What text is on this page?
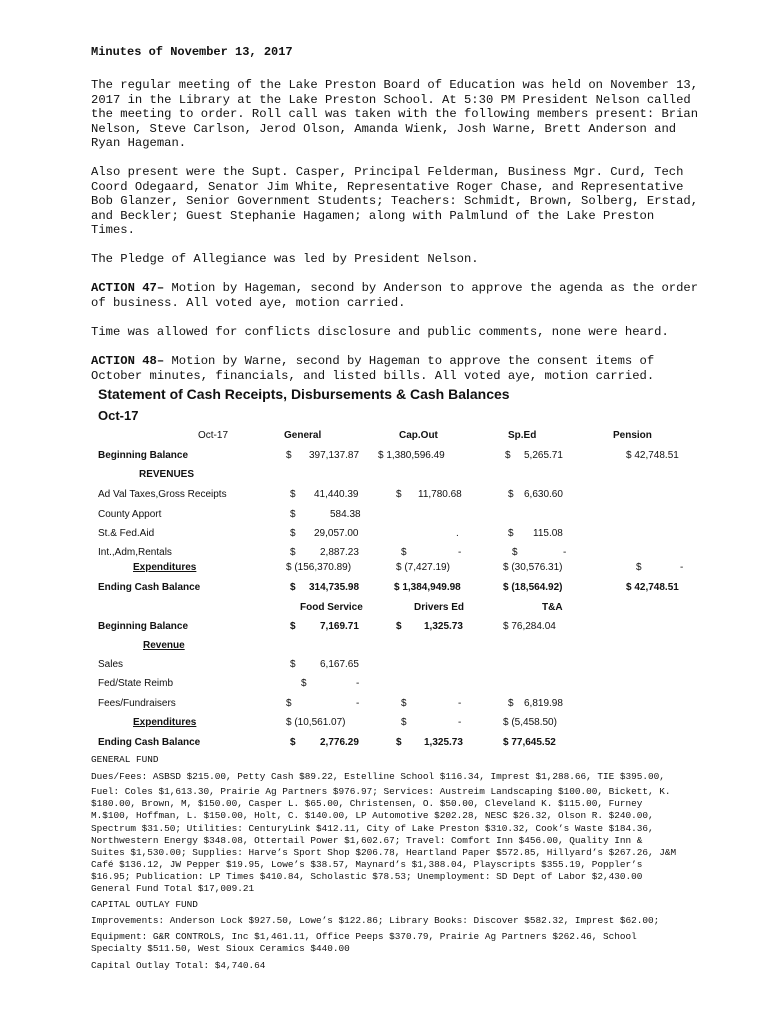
Minutes of November 13, 2017

The regular meeting of the Lake Preston Board of Education was held on November 13,
2017 in the Library at the Lake Preston School. At 5:30 PM President Nelson called
the meeting to order. Roll call was taken with the following members present: Brian
Nelson, Steve Carlson, Jerod Olson, Amanda Wienk, Josh Warne, Brett Anderson and
Ryan Hageman.

Also present were the Supt. Casper, Principal Felderman, Business Mgr. Curd, Tech
Coord Odegaard, Senator Jim White, Representative Roger Chase, and Representative
Bob Glanzer, Senior Government Students; Teachers: Schmidt, Brown, Solberg, Erstad,
and Beckler; Guest Stephanie Hagamen; along with Palmlund of the Lake Preston
Times.

The Pledge of Allegiance was led by President Nelson.

ACTION 47– Motion by Hageman, second by Anderson to approve the agenda as the order
of business. All voted aye, motion carried.

Time was allowed for conflicts disclosure and public comments, none were heard.

ACTION 48– Motion by Warne, second by Hageman to approve the consent items of
October minutes, financials, and listed bills. All voted aye, motion carried.

Statement of Cash Receipts, Disbursements & Cash Balances
Oct-17
Oct-17	General	Cap.Out	Sp.Ed	Pension
Beginning Balance	$ 397,137.87 $ 1,380,596.49	$ 5,265.71	$ 42,748.51
REVENUES
Ad Val Taxes,Gross Receipts	$ 41,440.39	$ 11,780.68	$ 6,630.60
County Apport	$	584.38
St.& Fed.Aid	$ 29,057.00	.	$ 115.08
Int.,Adm,Rentals	$ 2,887.23	$	-	$	-
Expenditures	$ (156,370.89)	$ (7,427.19)	$ (30,576.31)	$	-
Ending Cash Balance	$ 314,735.98	$ 1,384,949.98	$ (18,564.92)	$ 42,748.51
Food Service	Drivers Ed	T&A
Beginning Balance	$ 7,169.71	$ 1,325.73	$ 76,284.04
Revenue
Sales	$ 6,167.65
Fed/State Reimb	$	-
Fees/Fundraisers	$	-	$	-	$ 6,819.98
Expenditures	$ (10,561.07)	$	-	$ (5,458.50)
Ending Cash Balance	$ 2,776.29	$ 1,325.73	$ 77,645.52

GENERAL FUND

Dues/Fees: ASBSD $215.00, Petty Cash $89.22, Estelline School $116.34, Imprest $1,288.66, TIE $395.00,

Fuel: Coles $1,613.30, Prairie Ag Partners $976.97; Services: Austreim Landscaping $100.00, Bickett, K.
$180.00, Brown, M, $150.00, Casper L. $65.00, Christensen, O. $50.00, Cleveland K. $115.00, Furney
M.$100, Hoffman, L. $150.00, Holt, C. $140.00, LP Automotive $202.28, NESC $26.32, Olson R. $240.00,
Spectrum $31.50; Utilities: CenturyLink $412.11, City of Lake Preston $310.32, Cook’s Waste $184.36,
Northwestern Energy $348.08, Ottertail Power $1,602.67; Travel: Comfort Inn $456.00, Quality Inn &
Suites $1,530.00; Supplies: Harve’s Sport Shop $206.78, Heartland Paper $572.85, Hillyard’s $267.26, J&M
Café $136.12, JW Pepper $19.95, Lowe’s $38.57, Maynard’s $1,388.04, Playscripts $355.19, Poppler’s
$16.95; Publication: LP Times $410.84, Scholastic $78.53; Unemployment: SD Dept of Labor $2,430.00

General Fund Total $17,009.21

CAPITAL OUTLAY FUND

Improvements: Anderson Lock $927.50, Lowe’s $122.86; Library Books: Discover $582.32, Imprest $62.00;

Equipment: G&R CONTROLS, Inc $1,461.11, Office Peeps $370.79, Prairie Ag Partners $262.46, School
Specialty $511.50, West Sioux Ceramics $440.00

Capital Outlay Total: $4,740.64
